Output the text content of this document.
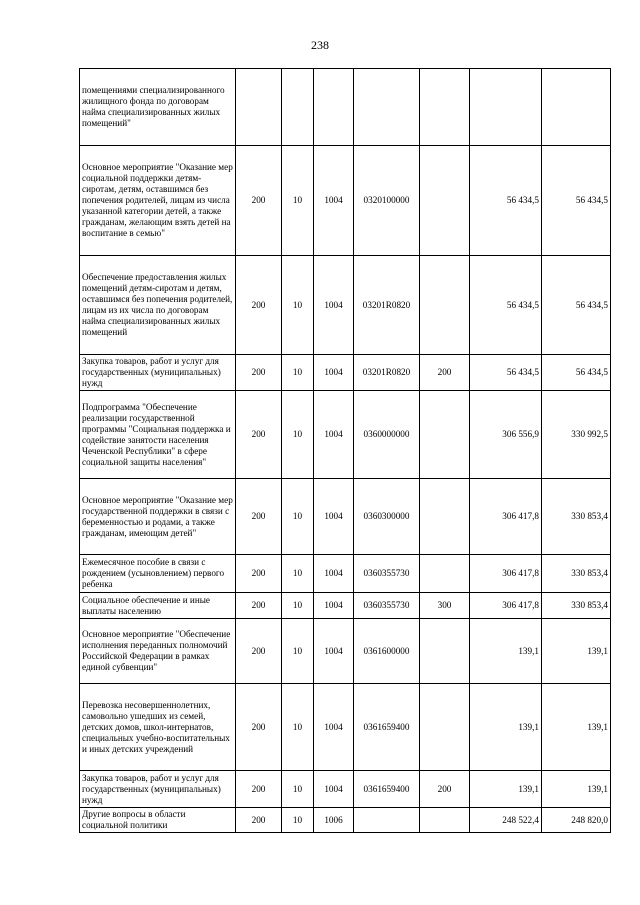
238
помещениями специализированного жилищного фонда по договорам найма специализированных жилых помещений"							
Основное мероприятие "Оказание мер социальной поддержки детям-сиротам, детям, оставшимся без попечения родителей, лицам из числа указанной категории детей, а также гражданам, желающим взять детей на воспитание в семью"	200	10	1004	0320100000		56 434,5	56 434,5
Обеспечение предоставления жилых помещений детям-сиротам и детям, оставшимся без попечения родителей, лицам из их числа по договорам найма специализированных жилых помещений	200	10	1004	03201R0820		56 434,5	56 434,5
Закупка товаров, работ и услуг для государственных (муниципальных) нужд	200	10	1004	03201R0820	200	56 434,5	56 434,5
Подпрограмма "Обеспечение реализации государственной программы "Социальная поддержка и содействие занятости населения Чеченской Республики" в сфере социальной защиты населения"	200	10	1004	0360000000		306 556,9	330 992,5
Основное мероприятие "Оказание мер государственной поддержки в связи с беременностью и родами, а также гражданам, имеющим детей"	200	10	1004	0360300000		306 417,8	330 853,4
Ежемесячное пособие в связи с рождением (усыновлением) первого ребенка	200	10	1004	0360355730		306 417,8	330 853,4
Социальное обеспечение и иные выплаты населению	200	10	1004	0360355730	300	306 417,8	330 853,4
Основное мероприятие "Обеспечение исполнения переданных полномочий Российской Федерации в рамках единой субвенции"	200	10	1004	0361600000		139,1	139,1
Перевозка несовершеннолетних, самовольно ушедших из семей, детских домов, школ-интернатов, специальных учебно-воспитательных и иных детских учреждений	200	10	1004	0361659400		139,1	139,1
Закупка товаров, работ и услуг для государственных (муниципальных) нужд	200	10	1004	0361659400	200	139,1	139,1
Другие вопросы в области социальной политики	200	10	1006			248 522,4	248 820,0
